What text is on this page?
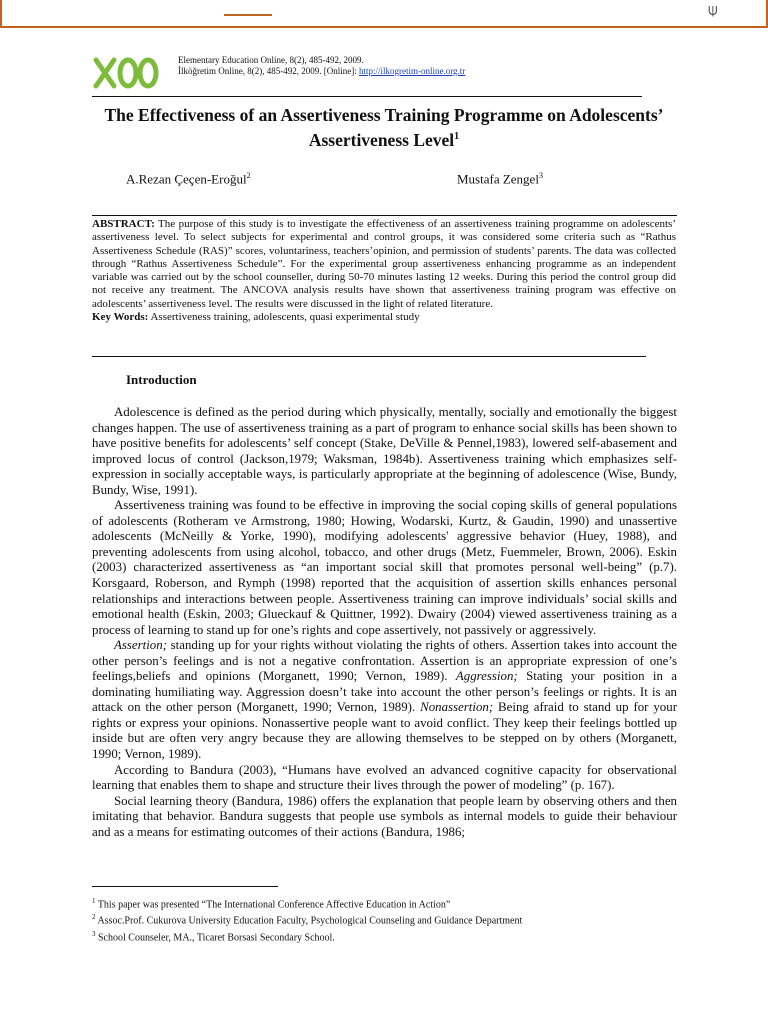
⍦
Elementary Education Online, 8(2), 485-492, 2009.
İlköğretim Online, 8(2), 485-492, 2009. [Online]: http://ilkogretim-online.org.tr
The Effectiveness of an Assertiveness Training Programme on Adolescents’ Assertiveness Level$^1$
A.Rezan Çeçen-Eroğul$^2$	Mustafa Zengel$^3$
ABSTRACT: The purpose of this study is to investigate the effectiveness of an assertiveness training programme on adolescents’ assertiveness level. To select subjects for experimental and control groups, it was considered some criteria such as “Rathus Assertiveness Schedule (RAS)” scores, voluntariness, teachers’opinion, and permission of students’ parents. The data was collected through “Rathus Assertiveness Schedule”. For the experimental group assertiveness enhancing programme as an independent variable was carried out by the school counseller, during 50-70 minutes lasting 12 weeks. During this period the control group did not receive any treatment. The ANCOVA analysis results have shown that assertiveness training program was effective on adolescents’ assertiveness level. The results were discussed in the light of related literature.
Key Words: Assertiveness training, adolescents, quasi experimental study
Introduction

Adolescence is defined as the period during which physically, mentally, socially and emotionally the biggest changes happen. The use of assertiveness training as a part of program to enhance social skills has been shown to have positive benefits for adolescents’ self concept (Stake, DeVille & Pennel,1983), lowered self-abasement and improved locus of control (Jackson,1979; Waksman, 1984b). Assertiveness training which emphasizes self-expression in socially acceptable ways, is particularly appropriate at the beginning of adolescence (Wise, Bundy, Bundy, Wise, 1991).

Assertiveness training was found to be effective in improving the social coping skills of general populations of adolescents (Rotheram ve Armstrong, 1980; Howing, Wodarski, Kurtz, & Gaudin, 1990) and unassertive adolescents (McNeilly & Yorke, 1990), modifying adolescents' aggressive behavior (Huey, 1988), and preventing adolescents from using alcohol, tobacco, and other drugs (Metz, Fuemmeler, Brown, 2006). Eskin (2003) characterized assertiveness as “an important social skill that promotes personal well-being” (p.7). Korsgaard, Roberson, and Rymph (1998) reported that the acquisition of assertion skills enhances personal relationships and interactions between people. Assertiveness training can improve individuals’ social skills and emotional health (Eskin, 2003; Glueckauf & Quittner, 1992). Dwairy (2004) viewed assertiveness training as a process of learning to stand up for one’s rights and cope assertively, not passively or aggressively.

Assertion; standing up for your rights without violating the rights of others. Assertion takes into account the other person’s feelings and is not a negative confrontation. Assertion is an appropriate expression of one’s feelings,beliefs and opinions (Morganett, 1990; Vernon, 1989). Aggression; Stating your position in a dominating humiliating way. Aggression doesn’t take into account the other person’s feelings or rights. It is an attack on the other person (Morganett, 1990; Vernon, 1989). Nonassertion; Being afraid to stand up for your rights or express your opinions. Nonassertive people want to avoid conflict. They keep their feelings bottled up inside but are often very angry because they are allowing themselves to be stepped on by others (Morganett, 1990; Vernon, 1989).

According to Bandura (2003), “Humans have evolved an advanced cognitive capacity for observational learning that enables them to shape and structure their lives through the power of modeling” (p. 167).

Social learning theory (Bandura, 1986) offers the explanation that people learn by observing others and then imitating that behavior. Bandura suggests that people use symbols as internal models to guide their behaviour and as a means for estimating outcomes of their actions (Bandura, 1986;

$^1$ This paper was presented “The International Conference Affective Education in Action”
$^2$ Assoc.Prof. Cukurova University Education Faculty, Psychological Counseling and Guidance Department
$^3$ School Counseler, MA., Ticaret Borsasi Secondary School.
